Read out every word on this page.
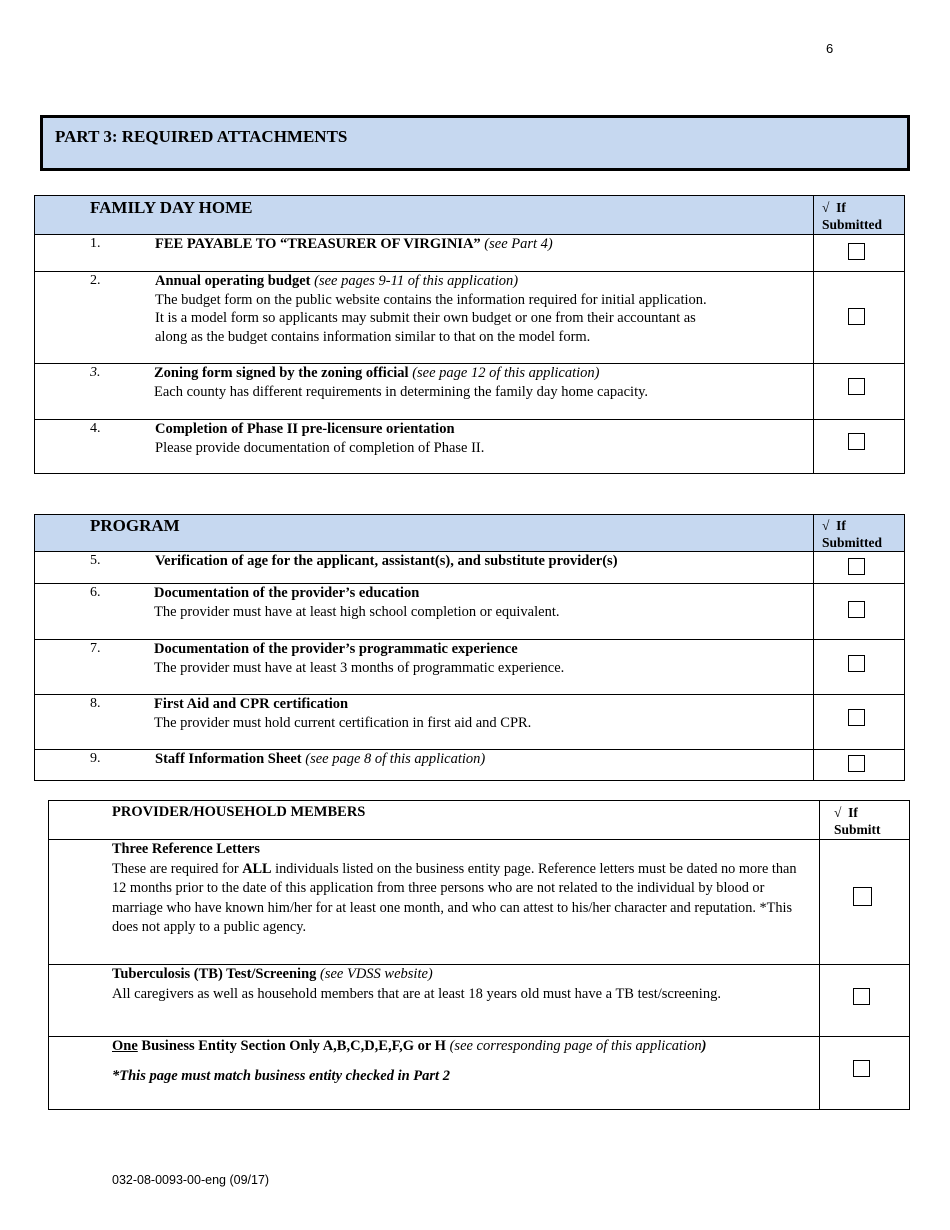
6
PART 3: REQUIRED ATTACHMENTS
FAMILY DAY HOME	√ If
Submitted
1.	FEE PAYABLE TO “TREASURER OF VIRGINIA” (see Part 4)
2.	Annual operating budget (see pages 9-11 of this application)
The budget form on the public website contains the information required for initial application.
It is a model form so applicants may submit their own budget or one from their accountant as
along as the budget contains information similar to that on the model form.
3.	Zoning form signed by the zoning official (see page 12 of this application)
Each county has different requirements in determining the family day home capacity.
4.	Completion of Phase II pre-licensure orientation
Please provide documentation of completion of Phase II.
PROGRAM	√ If
Submitted
5.	Verification of age for the applicant, assistant(s), and substitute provider(s)
6.	Documentation of the provider’s education
The provider must have at least high school completion or equivalent.
7.	Documentation of the provider’s programmatic experience
The provider must have at least 3 months of programmatic experience.
8.	First Aid and CPR certification
The provider must hold current certification in first aid and CPR.
9.	Staff Information Sheet (see page 8 of this application)
PROVIDER/HOUSEHOLD MEMBERS	√ If
Submitt
Three Reference Letters
These are required for ALL individuals listed on the business entity page. Reference letters must be dated no more than 12 months prior to the date of this application from three persons who are not related to the individual by blood or marriage who have known him/her for at least one month, and who can attest to his/her character and reputation. *This does not apply to a public agency.
Tuberculosis (TB) Test/Screening (see VDSS website)
All caregivers as well as household members that are at least 18 years old must have a TB test/screening.
One Business Entity Section Only A,B,C,D,E,F,G or H (see corresponding page of this application)
*This page must match business entity checked in Part 2
032-08-0093-00-eng (09/17)
